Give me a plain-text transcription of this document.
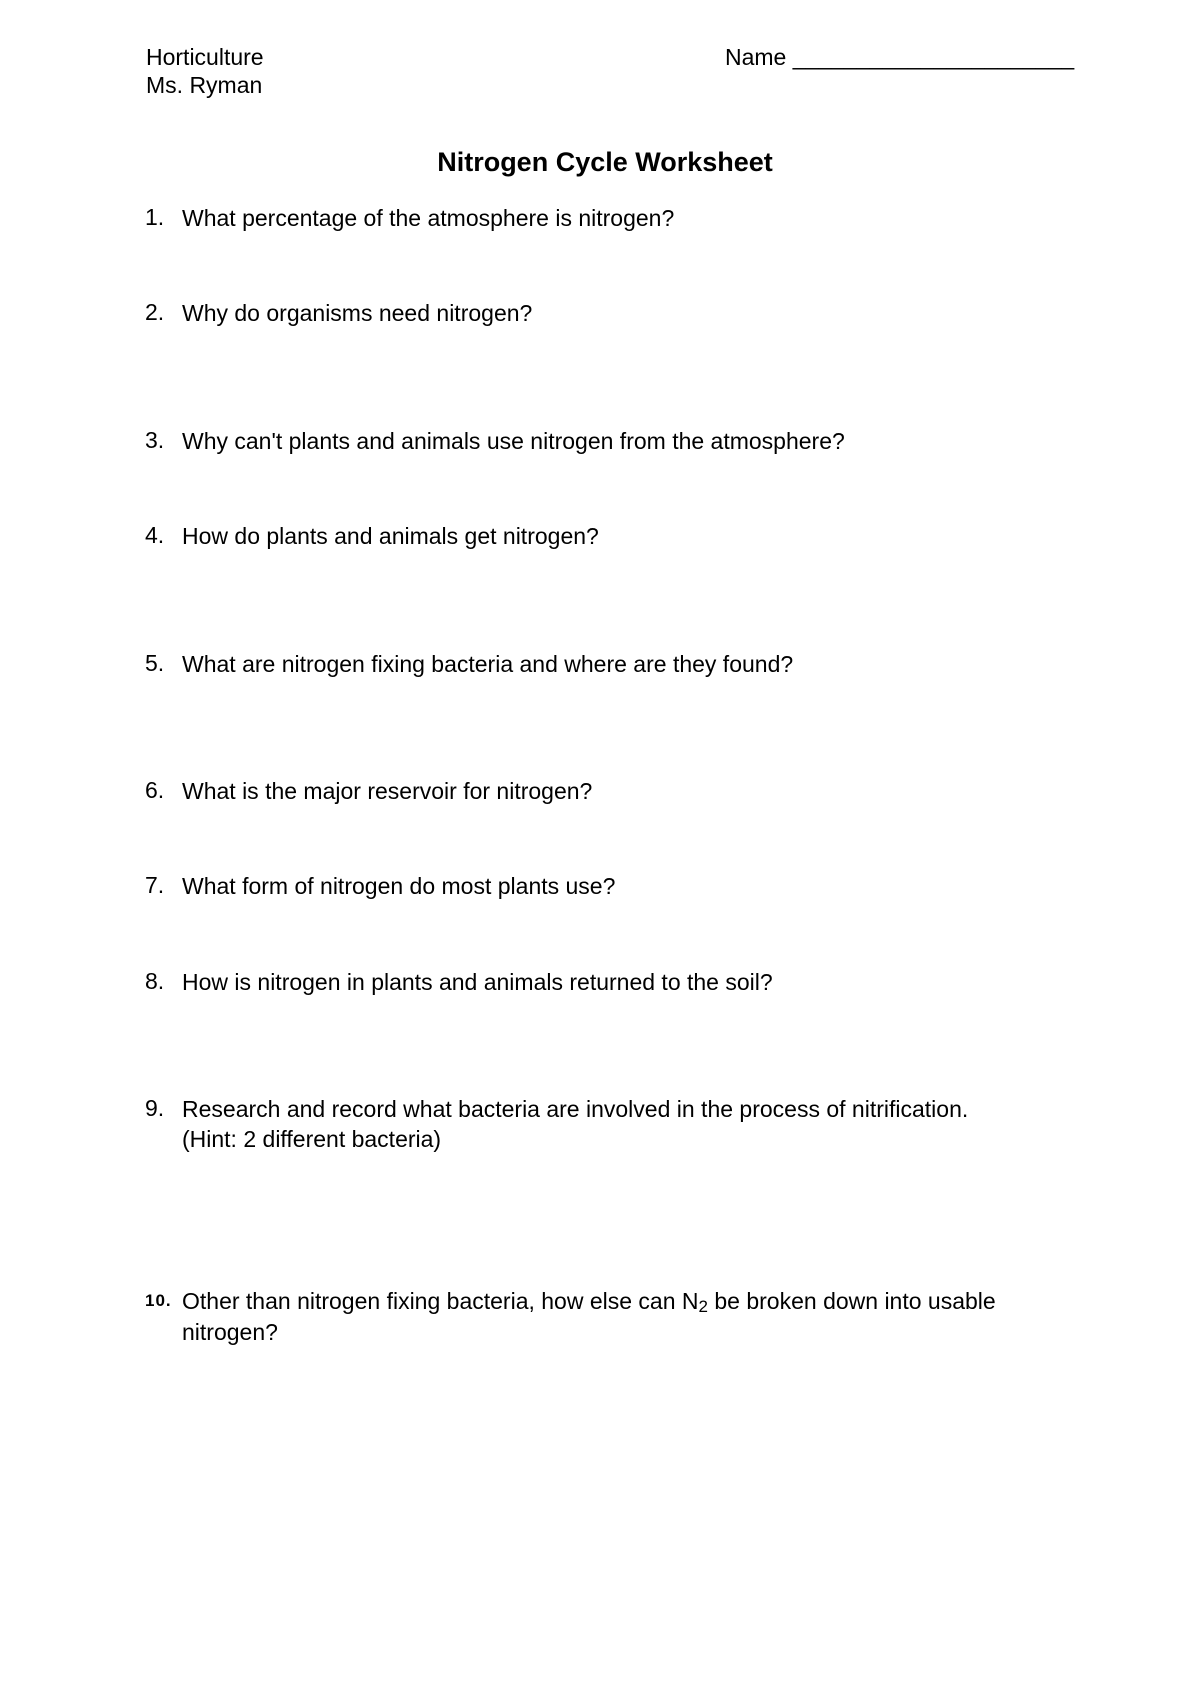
Horticulture
Ms. Ryman
Name ______________________
Nitrogen Cycle Worksheet
1. What percentage of the atmosphere is nitrogen?
2. Why do organisms need nitrogen?
3. Why can't plants and animals use nitrogen from the atmosphere?
4. How do plants and animals get nitrogen?
5. What are nitrogen fixing bacteria and where are they found?
6. What is the major reservoir for nitrogen?
7. What form of nitrogen do most plants use?
8. How is nitrogen in plants and animals returned to the soil?
9. Research and record what bacteria are involved in the process of nitrification.
(Hint: 2 different bacteria)
10. Other than nitrogen fixing bacteria, how else can N2 be broken down into usable
nitrogen?
